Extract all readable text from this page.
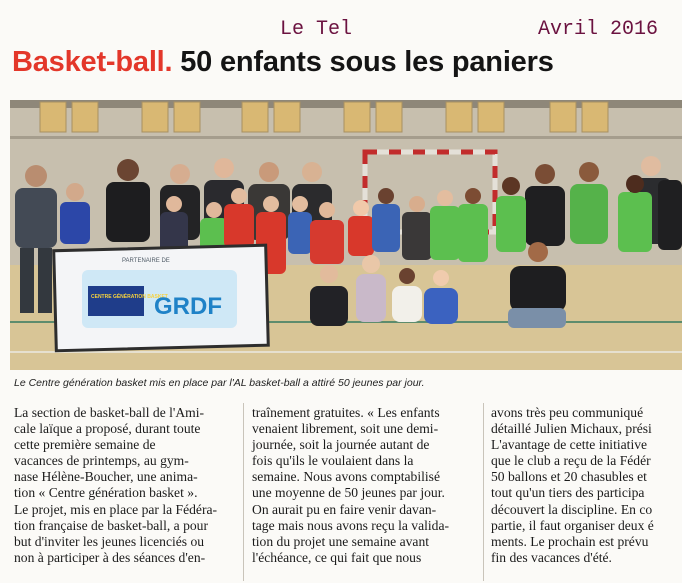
Le Tel	Avril 2016
Basket-ball. 50 enfants sous les paniers
PARTENAIRE DE
CENTRE GÉNÉRATION BASKET
GRDF
Le Centre génération basket mis en place par l'AL basket-ball a attiré 50 jeunes par jour.

La section de basket-ball de l'Ami-

cale laïque a proposé, durant toute

cette première semaine de

vacances de printemps, au gym-

nase Hélène-Boucher, une anima-

tion « Centre génération basket ».

Le projet, mis en place par la Fédéra-

tion française de basket-ball, a pour

but d'inviter les jeunes licenciés ou

non à participer à des séances d'en-

traînement gratuites. « Les enfants

venaient librement, soit une demi-

journée, soit la journée autant de

fois qu'ils le voulaient dans la

semaine. Nous avons comptabilisé

une moyenne de 50 jeunes par jour.

On aurait pu en faire venir davan-

tage mais nous avons reçu la valida-

tion du projet une semaine avant

l'échéance, ce qui fait que nous

avons très peu communiqué

détaillé Julien Michaux, prési

L'avantage de cette initiative

que le club a reçu de la Fédér

50 ballons et 20 chasubles et

tout qu'un tiers des participa

découvert la discipline. En co

partie, il faut organiser deux é

ments. Le prochain est prévu

fin des vacances d'été.
